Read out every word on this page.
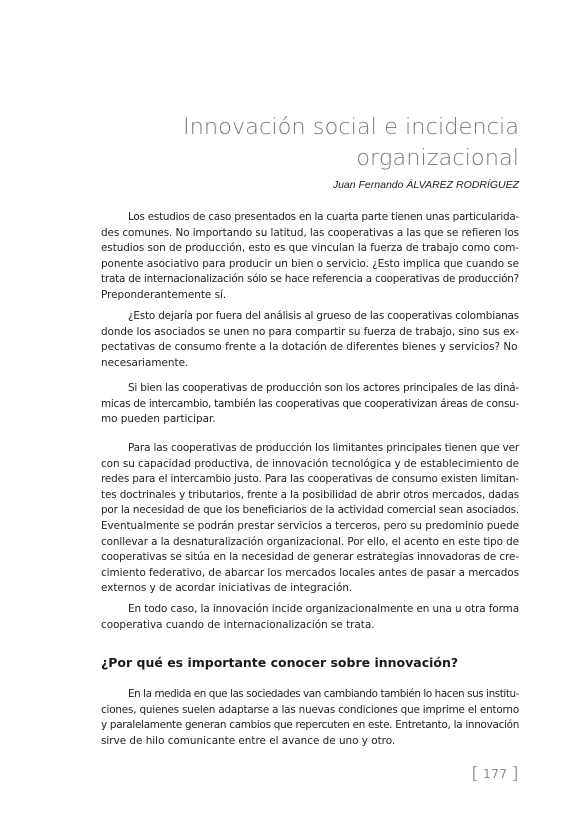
Innovación social e incidencia
organizacional

Juan Fernando ÁLVAREZ RODRÍGUEZ

Los estudios de caso presentados en la cuarta parte tienen unas particularida-
des comunes. No importando su latitud, las cooperativas a las que se refieren los
estudios son de producción, esto es que vinculan la fuerza de trabajo como com-
ponente asociativo para producir un bien o servicio. ¿Esto implica que cuando se
trata de internacionalización sólo se hace referencia a cooperativas de producción?
Preponderantemente sí.

¿Esto dejaría por fuera del análisis al grueso de las cooperativas colombianas
donde los asociados se unen no para compartir su fuerza de trabajo, sino sus ex-
pectativas de consumo frente a la dotación de diferentes bienes y servicios? No
necesariamente.

Si bien las cooperativas de producción son los actores principales de las diná-
micas de intercambio, también las cooperativas que cooperativizan áreas de consu-
mo pueden participar.

Para las cooperativas de producción los limitantes principales tienen que ver
con su capacidad productiva, de innovación tecnológica y de establecimiento de
redes para el intercambio justo. Para las cooperativas de consumo existen limitan-
tes doctrinales y tributarios, frente a la posibilidad de abrir otros mercados, dadas
por la necesidad de que los beneficiarios de la actividad comercial sean asociados.
Eventualmente se podrán prestar servicios a terceros, pero su predominio puede
conllevar a la desnaturalización organizacional. Por ello, el acento en este tipo de
cooperativas se sitúa en la necesidad de generar estrategias innovadoras de cre-
cimiento federativo, de abarcar los mercados locales antes de pasar a mercados
externos y de acordar iniciativas de integración.

En todo caso, la innovación incide organizacionalmente en una u otra forma
cooperativa cuando de internacionalización se trata.

¿Por qué es importante conocer sobre innovación?

En la medida en que las sociedades van cambiando también lo hacen sus institu-
ciones, quienes suelen adaptarse a las nuevas condiciones que imprime el entorno
y paralelamente generan cambios que repercuten en este. Entretanto, la innovación
sirve de hilo comunicante entre el avance de uno y otro.

[ 177 ]
